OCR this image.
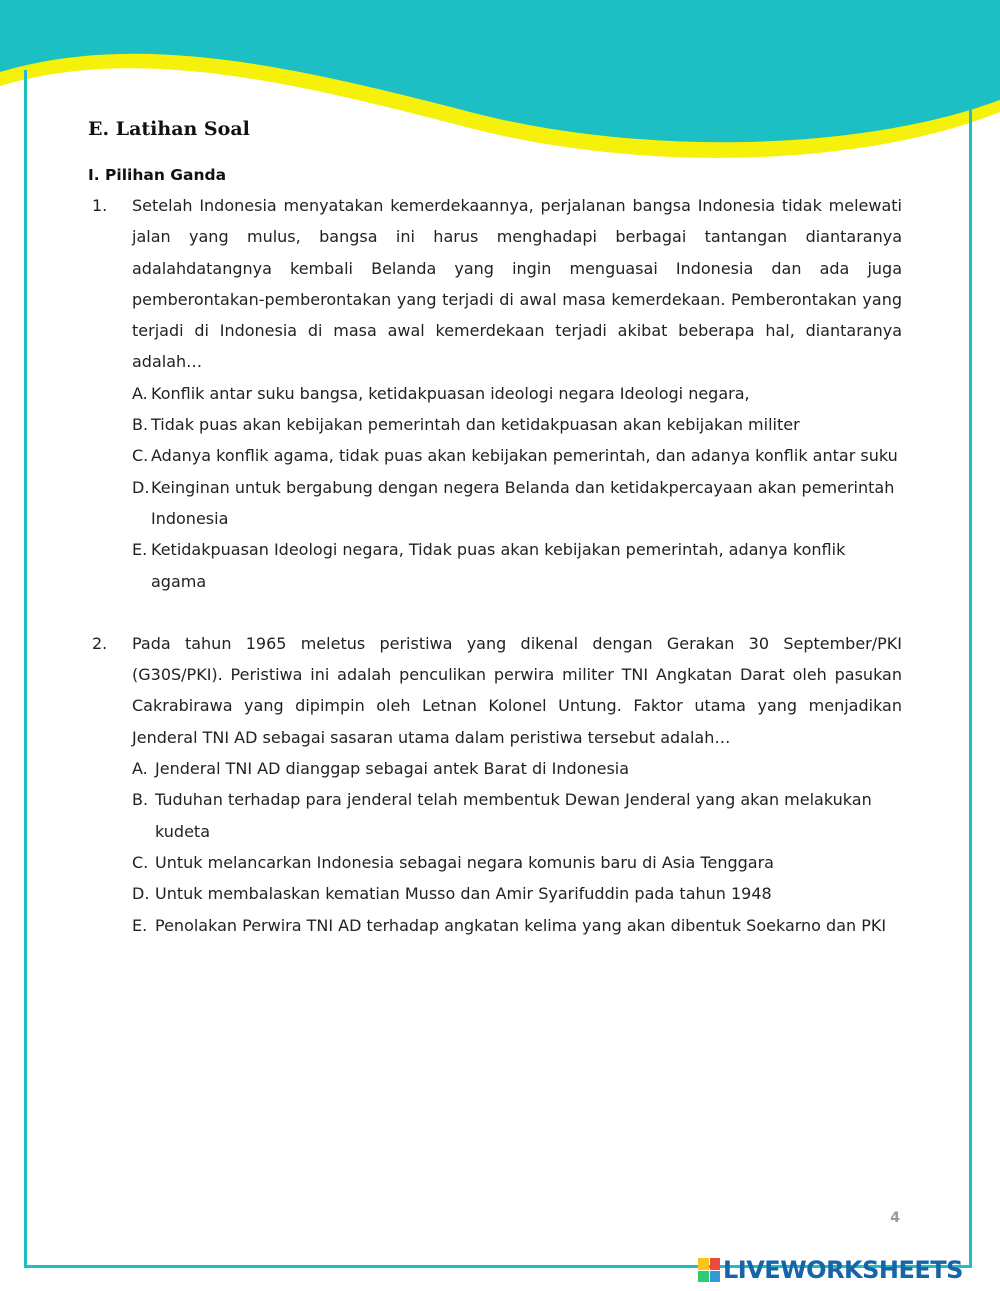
E. Latihan Soal
I. Pilihan Ganda
1.	Setelah Indonesia menyatakan kemerdekaannya, perjalanan bangsa Indonesia tidak melewati jalan yang mulus, bangsa ini harus menghadapi berbagai tantangan diantaranya adalahdatangnya kembali Belanda yang ingin menguasai Indonesia dan ada juga pemberontakan-pemberontakan yang terjadi di awal masa kemerdekaan. Pemberontakan yang terjadi di Indonesia di masa awal kemerdekaan terjadi akibat beberapa hal, diantaranya adalah…

A. Konflik antar suku bangsa, ketidakpuasan ideologi negara Ideologi negara,
B. Tidak puas akan kebijakan pemerintah dan ketidakpuasan akan kebijakan militer
C. Adanya konflik agama, tidak puas akan kebijakan pemerintah, dan adanya konflik antar suku
D. Keinginan untuk bergabung dengan negera Belanda dan ketidakpercayaan akan pemerintah Indonesia
E. Ketidakpuasan Ideologi negara, Tidak puas akan kebijakan pemerintah, adanya konflik agama
2.	Pada tahun 1965 meletus peristiwa yang dikenal dengan Gerakan 30 September/PKI (G30S/PKI). Peristiwa ini adalah penculikan perwira militer TNI Angkatan Darat oleh pasukan Cakrabirawa yang dipimpin oleh Letnan Kolonel Untung. Faktor utama yang menjadikan Jenderal TNI AD sebagai sasaran utama dalam peristiwa tersebut adalah…

A. Jenderal TNI AD dianggap sebagai antek Barat di Indonesia
B. Tuduhan terhadap para jenderal telah membentuk Dewan Jenderal yang akan melakukan kudeta
C. Untuk melancarkan Indonesia sebagai negara komunis baru di Asia Tenggara
D. Untuk membalaskan kematian Musso dan Amir Syarifuddin pada tahun 1948
E. Penolakan Perwira TNI AD terhadap angkatan kelima yang akan dibentuk Soekarno dan PKI
4
LIVEWORKSHEETS
